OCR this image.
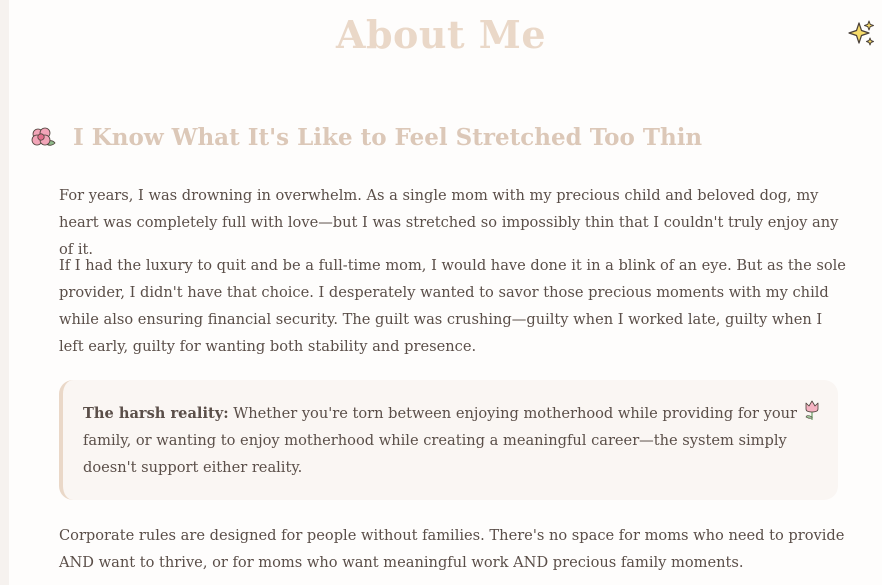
About Me
I Know What It's Like to Feel Stretched Too Thin

For years, I was drowning in overwhelm. As a single mom with my precious child and beloved dog, my heart was completely full with love—but I was stretched so impossibly thin that I couldn't truly enjoy any of it.

If I had the luxury to quit and be a full-time mom, I would have done it in a blink of an eye. But as the sole provider, I didn't have that choice. I desperately wanted to savor those precious moments with my child while also ensuring financial security. The guilt was crushing—guilty when I worked late, guilty when I left early, guilty for wanting both stability and presence.

The harsh reality: Whether you're torn between enjoying motherhood while providing for your family, or wanting to enjoy motherhood while creating a meaningful career—the system simply doesn't support either reality.

Corporate rules are designed for people without families. There's no space for moms who need to provide AND want to thrive, or for moms who want meaningful work AND precious family moments.
